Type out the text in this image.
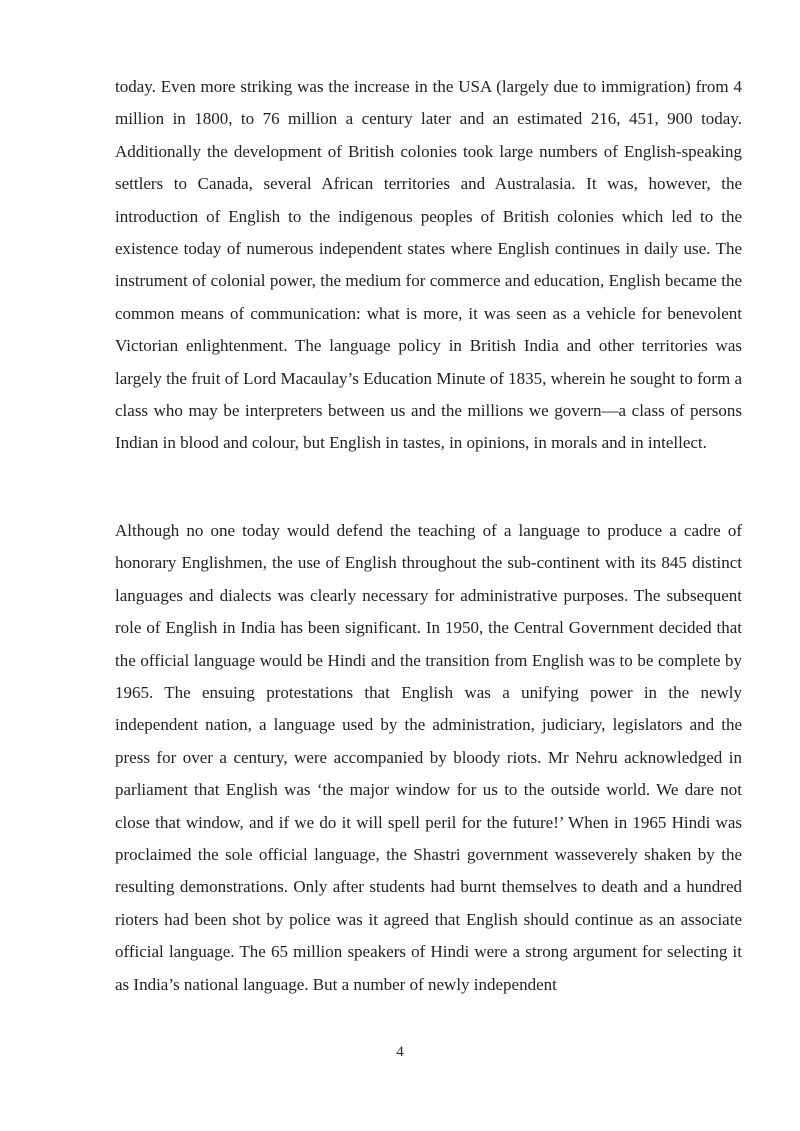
today. Even more striking was the increase in the USA (largely due to immigration) from 4 million in 1800, to 76 million a century later and an estimated 216, 451, 900 today. Additionally the development of British colonies took large numbers of English-speaking settlers to Canada, several African territories and Australasia. It was, however, the introduction of English to the indigenous peoples of British colonies which led to the existence today of numerous independent states where English continues in daily use. The instrument of colonial power, the medium for commerce and education, English became the common means of communication: what is more, it was seen as a vehicle for benevolent Victorian enlightenment. The language policy in British India and other territories was largely the fruit of Lord Macaulay’s Education Minute of 1835, wherein he sought to form a class who may be interpreters between us and the millions we govern—a class of persons Indian in blood and colour, but English in tastes, in opinions, in morals and in intellect.

Although no one today would defend the teaching of a language to produce a cadre of honorary Englishmen, the use of English throughout the sub-continent with its 845 distinct languages and dialects was clearly necessary for administrative purposes. The subsequent role of English in India has been significant. In 1950, the Central Government decided that the official language would be Hindi and the transition from English was to be complete by 1965. The ensuing protestations that English was a unifying power in the newly independent nation, a language used by the administration, judiciary, legislators and the press for over a century, were accompanied by bloody riots. Mr Nehru acknowledged in parliament that English was ‘the major window for us to the outside world. We dare not close that window, and if we do it will spell peril for the future!’ When in 1965 Hindi was proclaimed the sole official language, the Shastri government wasseverely shaken by the resulting demonstrations. Only after students had burnt themselves to death and a hundred rioters had been shot by police was it agreed that English should continue as an associate official language. The 65 million speakers of Hindi were a strong argument for selecting it as India’s national language. But a number of newly independent

4
